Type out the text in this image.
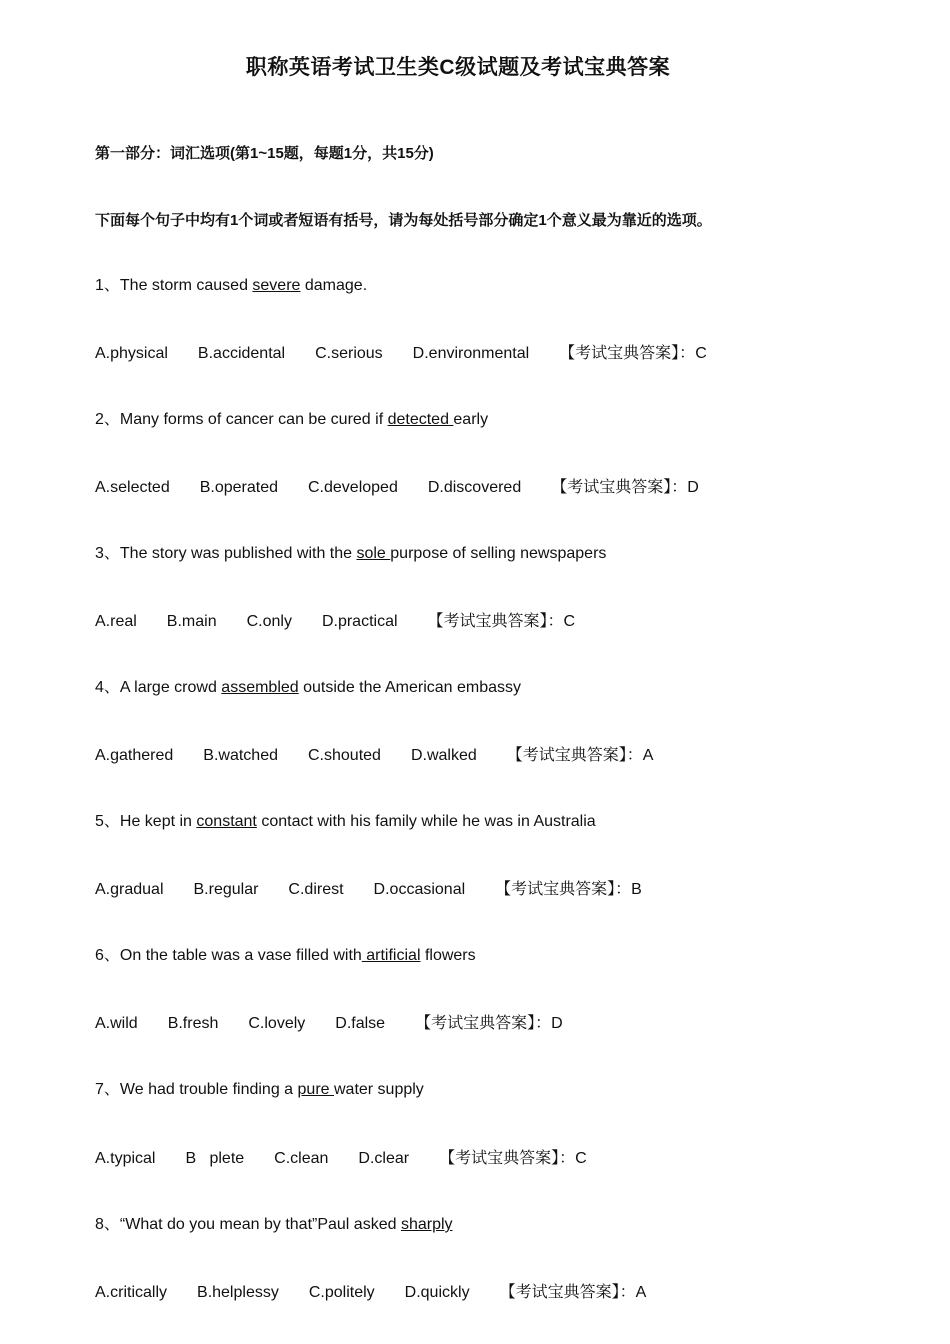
职称英语考试卫生类C级试题及考试宝典答案
第一部分：词汇选项(第1~15题，每题1分，共15分)
下面每个句子中均有1个词或者短语有括号，请为每处括号部分确定1个意义最为靠近的选项。
1、The storm caused severe damage.
A.physical B.accidental C.serious D.environmental 【考试宝典答案】：C
2、Many forms of cancer can be cured if detected early
A.selected B.operated C.developed D.discovered 【考试宝典答案】：D
3、The story was published with the sole purpose of selling newspapers
A.real B.main C.only D.practical 【考试宝典答案】：C
4、A large crowd assembled outside the American embassy
A.gathered B.watched C.shouted D.walked 【考试宝典答案】：A
5、He kept in constant contact with his family while he was in Australia
A.gradual B.regular C.direst D.occasional 【考试宝典答案】：B
6、On the table was a vase filled with artificial flowers
A.wild B.fresh C.lovely D.false 【考试宝典答案】：D
7、We had trouble finding a pure water supply
A.typical B   plete C.clean D.clear 【考试宝典答案】：C
8、“What do you mean by that”Paul asked sharply
A.critically B.helplessy C.politely D.quickly 【考试宝典答案】：A
